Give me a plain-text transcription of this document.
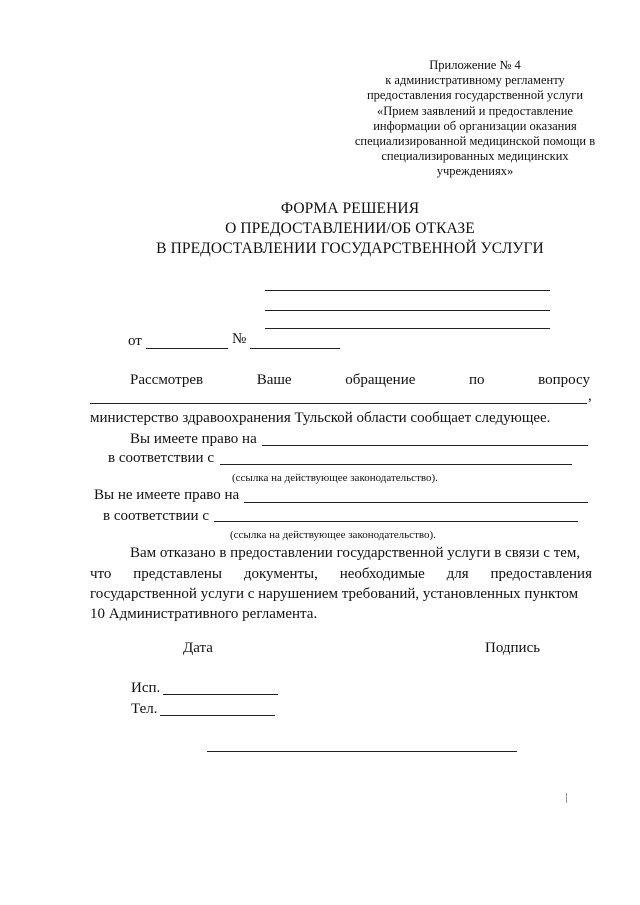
Приложение № 4
к административному регламенту
предоставления государственной услуги
«Прием заявлений и предоставление
информации об организации оказания
специализированной медицинской помощи в
специализированных медицинских
учреждениях»
ФОРМА РЕШЕНИЯ
О ПРЕДОСТАВЛЕНИИ/ОБ ОТКАЗЕ
В ПРЕДОСТАВЛЕНИИ ГОСУДАРСТВЕННОЙ УСЛУГИ
от	№
Рассмотрев	Ваше	обращение	по	вопросу
,
министерство здравоохранения Тульской области сообщает следующее.
Вы имеете право на
в соответствии с
(ссылка на действующее законодательство).
Вы не имеете право на
в соответствии с
(ссылка на действующее законодательство).
Вам отказано в предоставлении государственной услуги в связи с тем,
что представлены документы, необходимые для предоставления
государственной услуги с нарушением требований, установленных пунктом
10 Административного регламента.
Дата	Подпись
Исп.
Тел.
